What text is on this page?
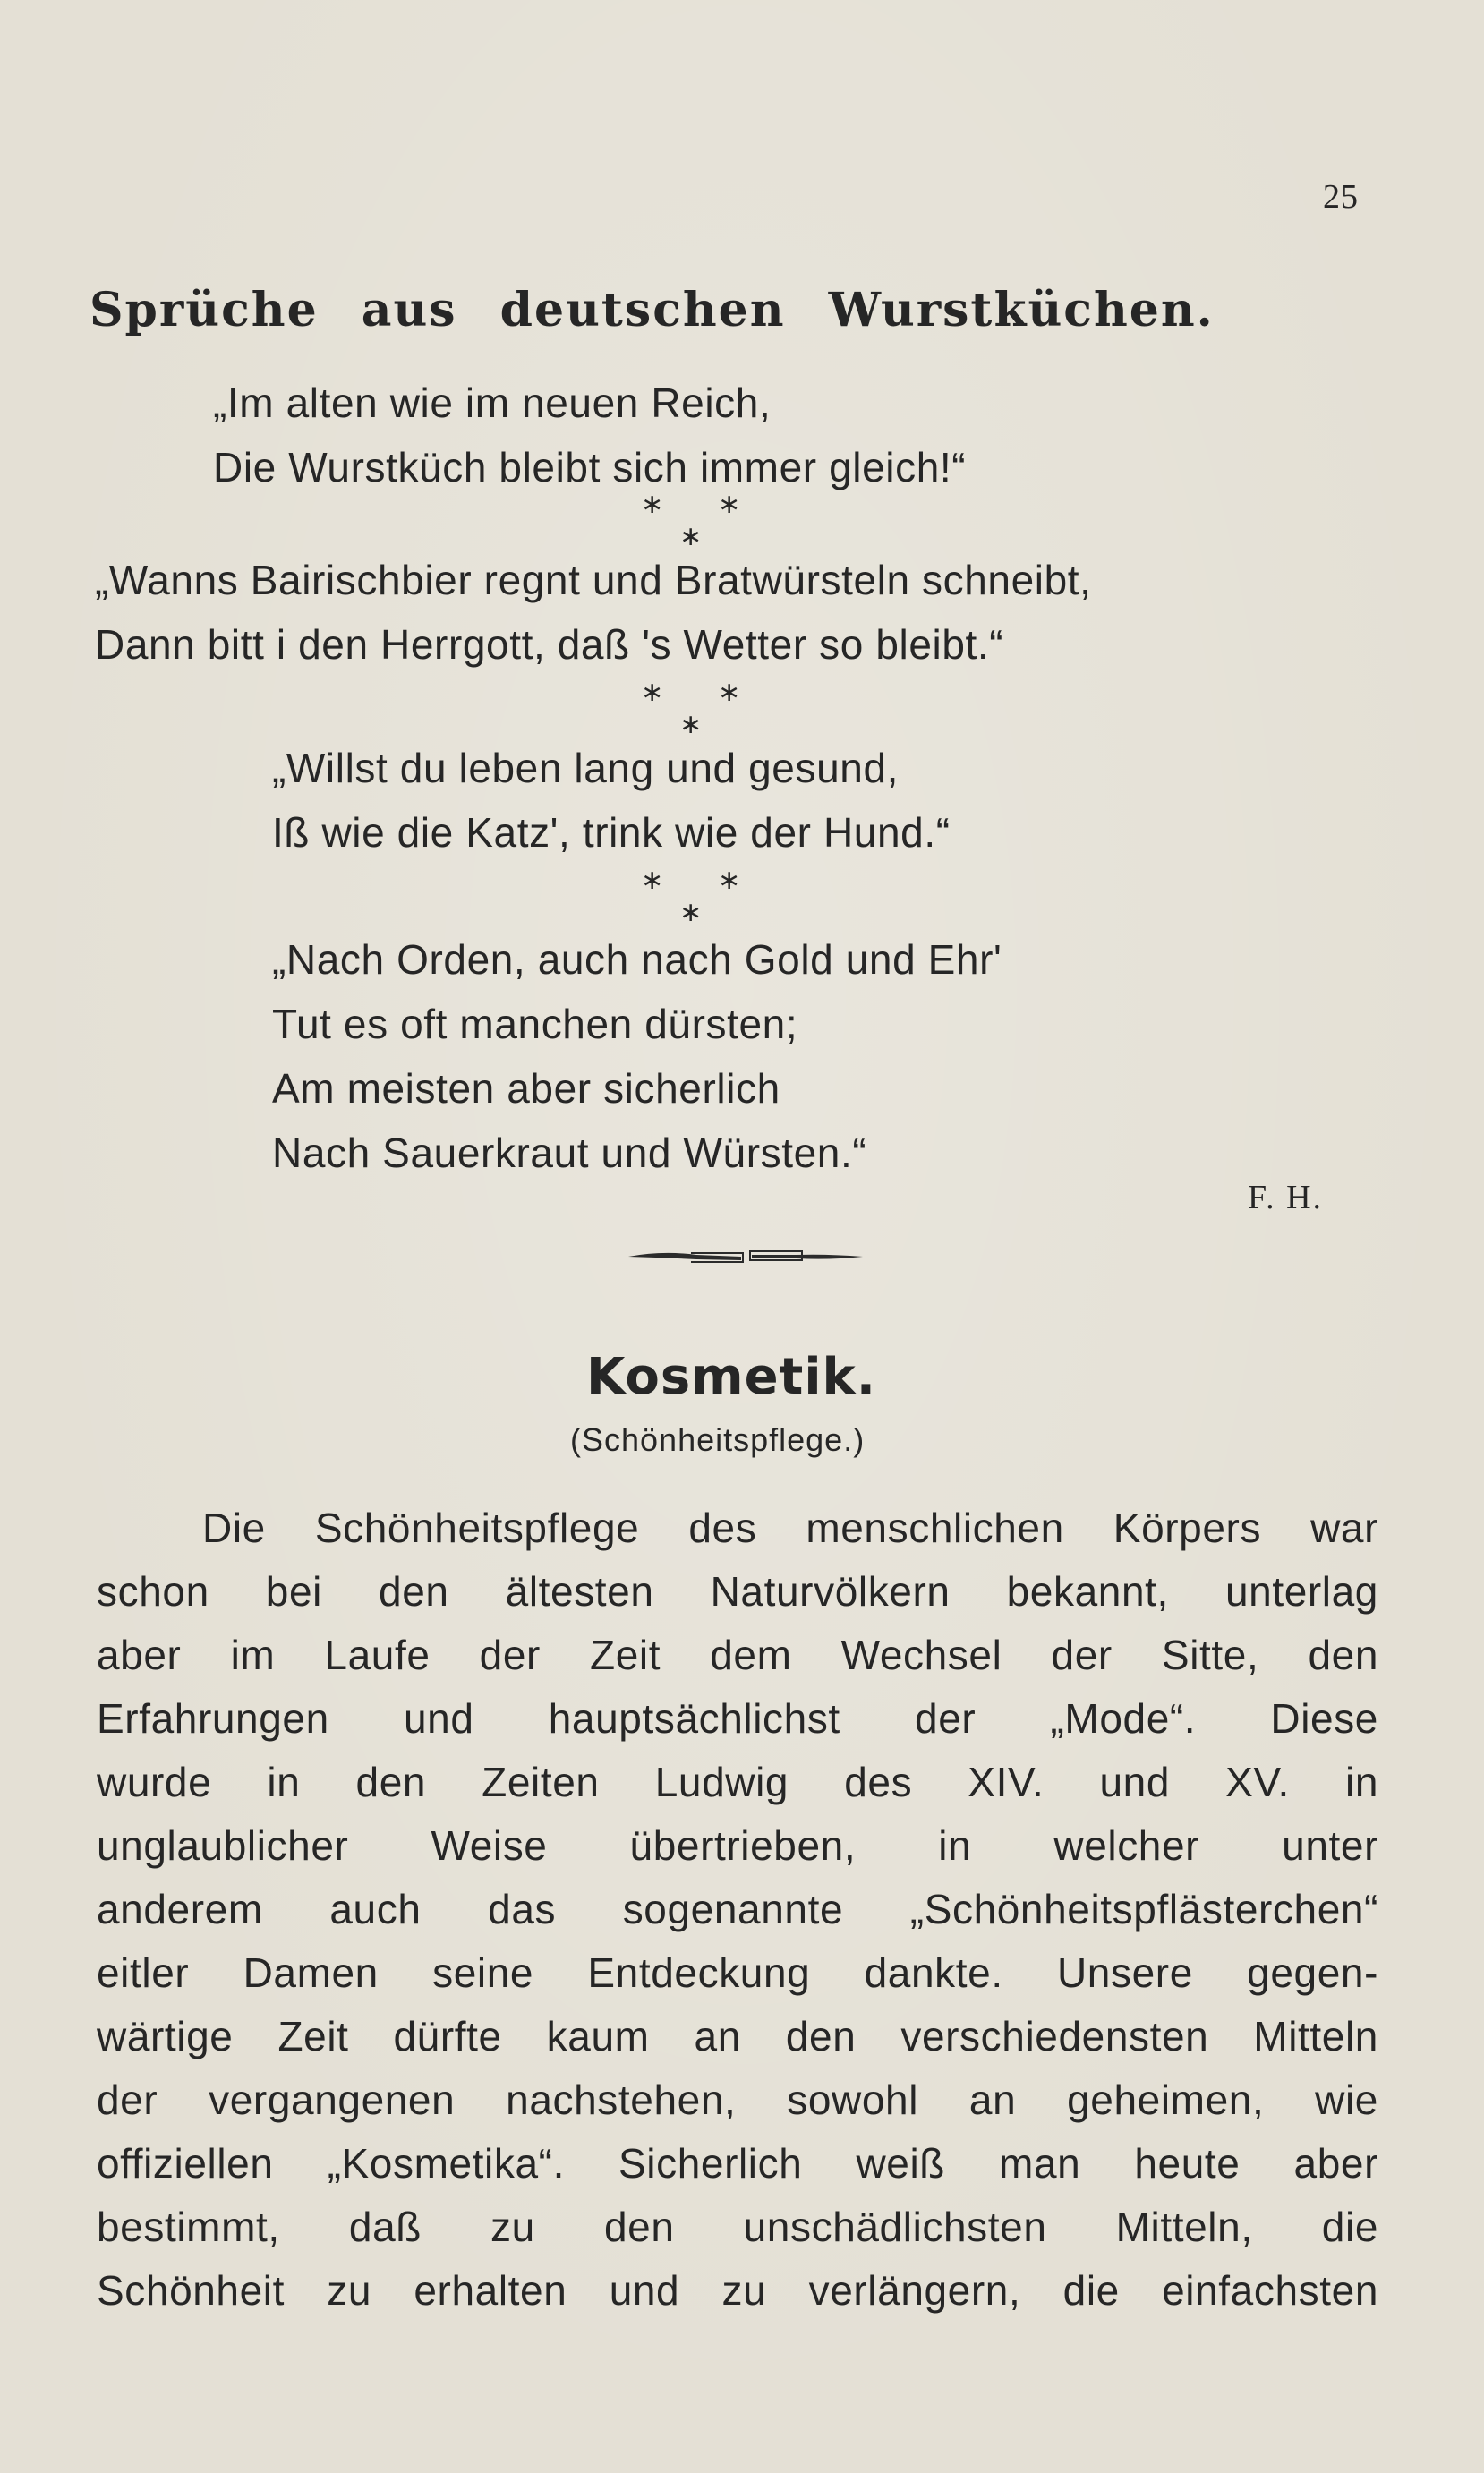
25
Sprüche aus deutschen Wurstküchen.
„Im alten wie im neuen Reich,
Die Wurstküch bleibt sich immer gleich!“
∗ ∗
∗
„Wanns Bairischbier regnt und Bratwürsteln schneibt,
Dann bitt i den Herrgott, daß 's Wetter so bleibt.“
∗ ∗
∗
„Willst du leben lang und gesund,
Iß wie die Katz', trink wie der Hund.“
∗ ∗
∗
„Nach Orden, auch nach Gold und Ehr'
Tut es oft manchen dürsten;
Am meisten aber sicherlich
Nach Sauerkraut und Würsten.“
F. H.
Kosmetik.
(Schönheitspflege.)
Die Schönheitspflege des menschlichen Körpers war
schon bei den ältesten Naturvölkern bekannt, unterlag
aber im Laufe der Zeit dem Wechsel der Sitte, den
Erfahrungen und hauptsächlichst der „Mode“. Diese
wurde in den Zeiten Ludwig des XIV. und XV. in
unglaublicher Weise übertrieben, in welcher unter
anderem auch das sogenannte „Schönheitspflästerchen“
eitler Damen seine Entdeckung dankte. Unsere gegen-
wärtige Zeit dürfte kaum an den verschiedensten Mitteln
der vergangenen nachstehen, sowohl an geheimen, wie
offiziellen „Kosmetika“. Sicherlich weiß man heute aber
bestimmt, daß zu den unschädlichsten Mitteln, die
Schönheit zu erhalten und zu verlängern, die einfachsten
